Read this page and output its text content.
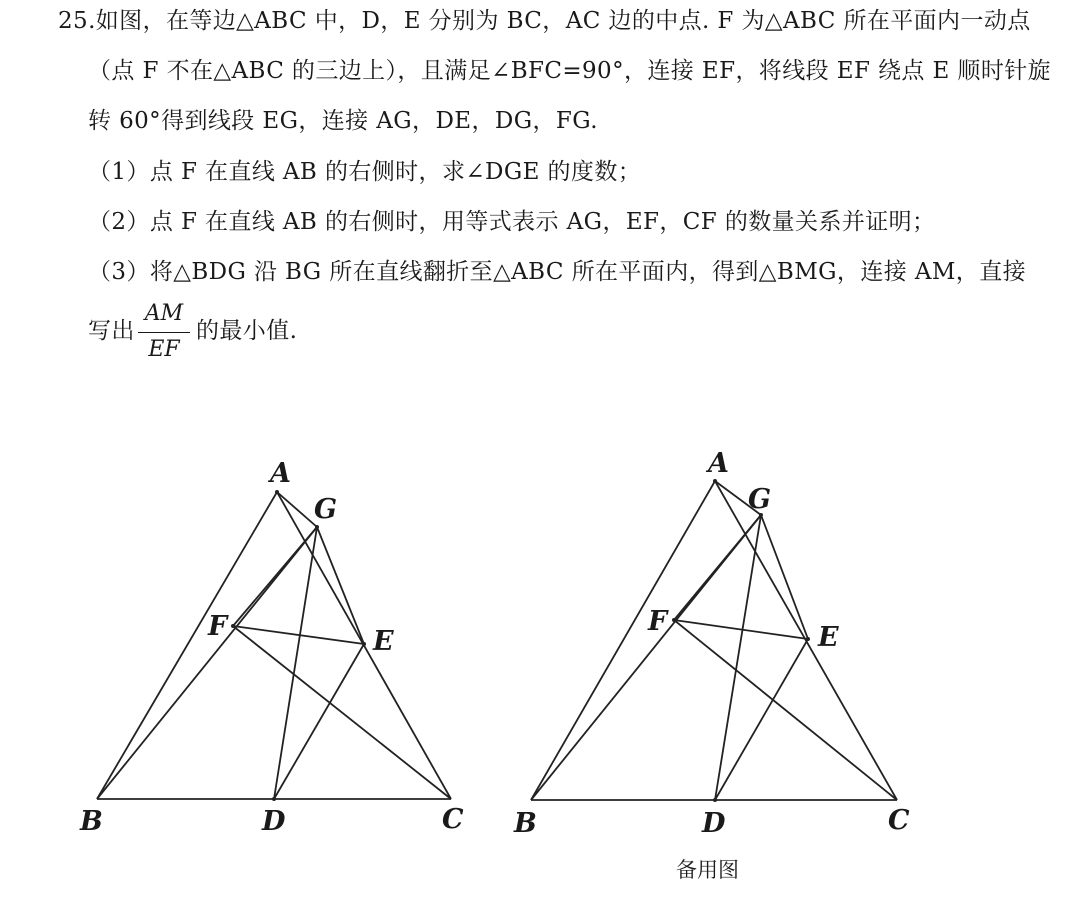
25.如图，在等边△ABC 中，D，E 分别为 BC，AC 边的中点. F 为△ABC 所在平面内一动点
（点 F 不在△ABC 的三边上），且满足∠BFC=90°，连接 EF，将线段 EF 绕点 E 顺时针旋
转 60°得到线段 EG，连接 AG，DE，DG，FG.
（1）点 F 在直线 AB 的右侧时，求∠DGE 的度数；
（2）点 F 在直线 AB 的右侧时，用等式表示 AG，EF，CF 的数量关系并证明；
（3）将△BDG 沿 BG 所在直线翻折至△ABC 所在平面内，得到△BMG，连接 AM，直接
写出
AM
EF
的最小值.
A
G
F	E
B	D	C
A
G
F
E
B	D	C
备用图
